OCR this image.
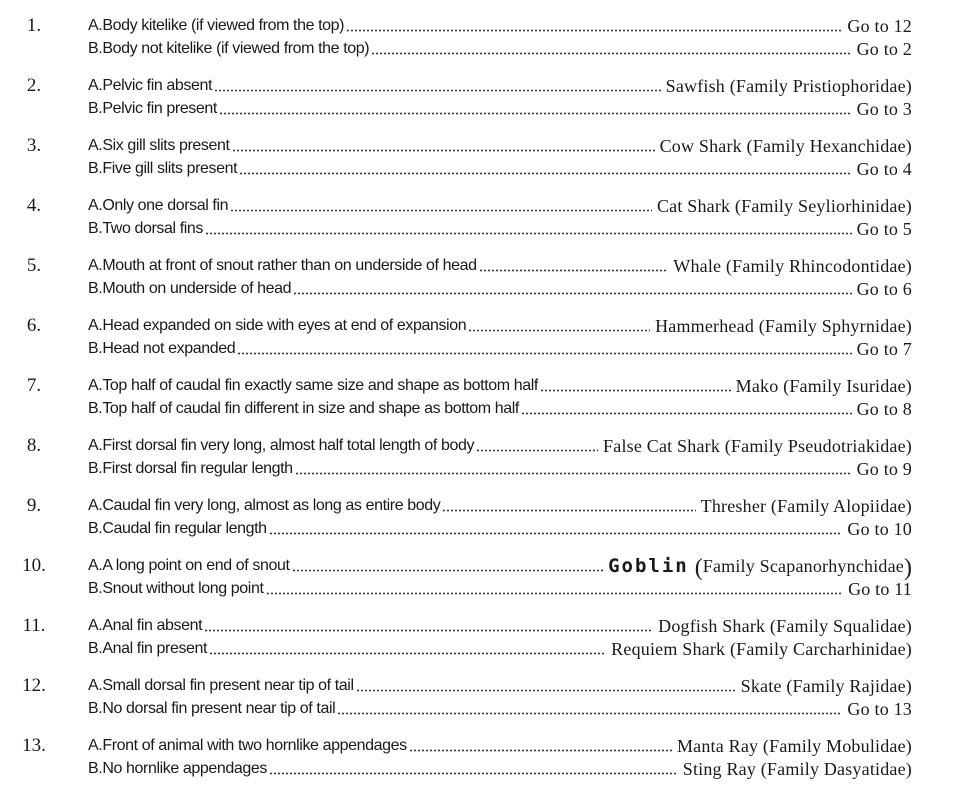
1.	A.Body kitelike (if viewed from the top)	Go to 12
B.Body not kitelike (if viewed from the top)	Go to 2
2.	A.Pelvic fin absent	Sawfish (Family Pristiophoridae)
B.Pelvic fin present	Go to 3
3.	A.Six gill slits present	Cow Shark (Family Hexanchidae)
B.Five gill slits present	Go to 4
4.	A.Only one dorsal fin	Cat Shark (Family Seyliorhinidae)
B.Two dorsal fins	Go to 5
5.	A.Mouth at front of snout rather than on underside of head	Whale (Family Rhincodontidae)
B.Mouth on underside of head	Go to 6
6.	A.Head expanded on side with eyes at end of expansion	Hammerhead (Family Sphyrnidae)
B.Head not expanded	Go to 7
7.	A.Top half of caudal fin exactly same size and shape as bottom half	Mako (Family Isuridae)
B.Top half of caudal fin different in size and shape as bottom half	Go to 8
8.	A.First dorsal fin very long, almost half total length of body	False Cat Shark (Family Pseudotriakidae)
B.First dorsal fin regular length	Go to 9
9.	A.Caudal fin very long, almost as long as entire body	Thresher (Family Alopiidae)
B.Caudal fin regular length	Go to 10
10.	A.A long point on end of snout	Goblin ( Family Scapanorhynchidae )
B.Snout without long point	Go to 11
11.	A.Anal fin absent	Dogfish Shark (Family Squalidae)
B.Anal fin present	Requiem Shark (Family Carcharhinidae)
12.	A.Small dorsal fin present near tip of tail	Skate (Family Rajidae)
B.No dorsal fin present near tip of tail	Go to 13
13.	A.Front of animal with two hornlike appendages	Manta Ray (Family Mobulidae)
B.No hornlike appendages	Sting Ray (Family Dasyatidae)
